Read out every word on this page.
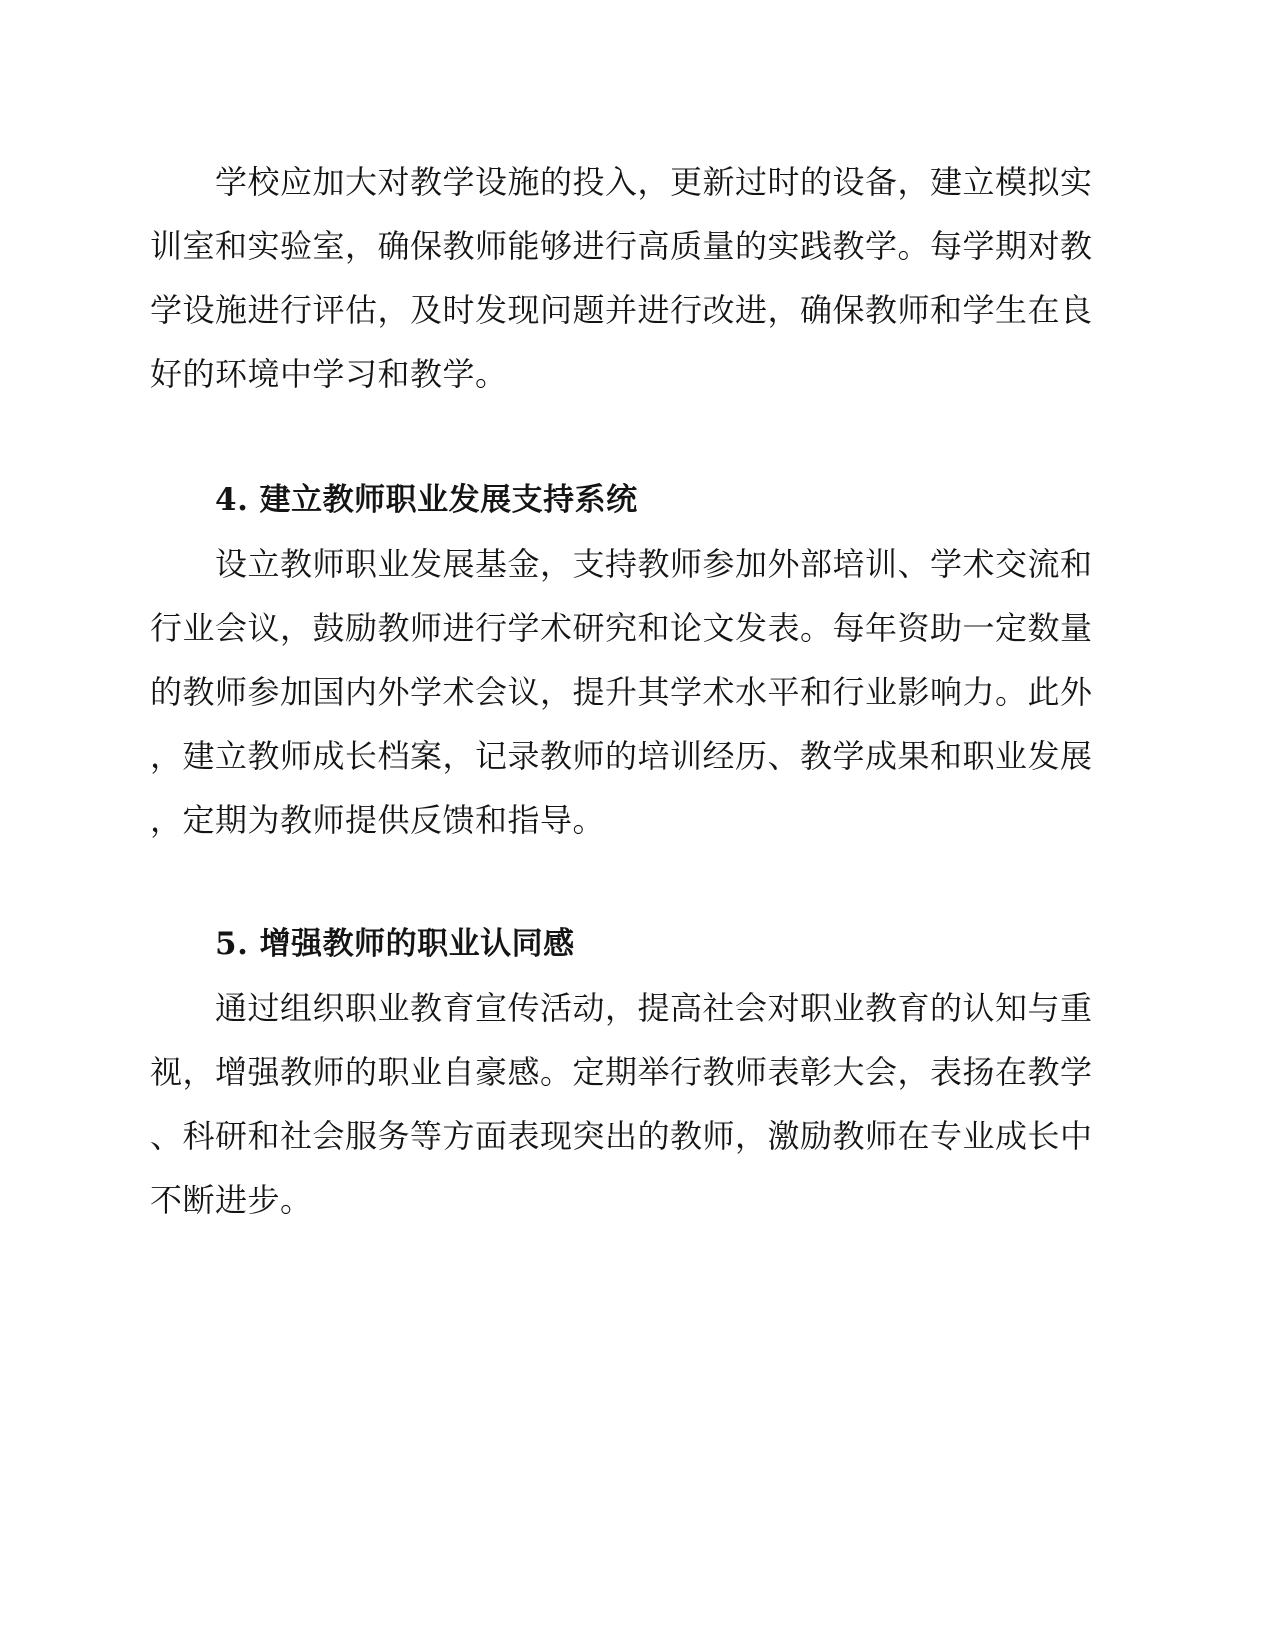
学校应加大对教学设施的投入，更新过时的设备，建立模拟实
训室和实验室，确保教师能够进行高质量的实践教学。每学期对教
学设施进行评估，及时发现问题并进行改进，确保教师和学生在良
好的环境中学习和教学。
4. 建立教师职业发展支持系统
设立教师职业发展基金，支持教师参加外部培训、学术交流和
行业会议，鼓励教师进行学术研究和论文发表。每年资助一定数量
的教师参加国内外学术会议，提升其学术水平和行业影响力。此外
，建立教师成长档案，记录教师的培训经历、教学成果和职业发展
，定期为教师提供反馈和指导。
5. 增强教师的职业认同感
通过组织职业教育宣传活动，提高社会对职业教育的认知与重
视，增强教师的职业自豪感。定期举行教师表彰大会，表扬在教学
、科研和社会服务等方面表现突出的教师，激励教师在专业成长中
不断进步。
